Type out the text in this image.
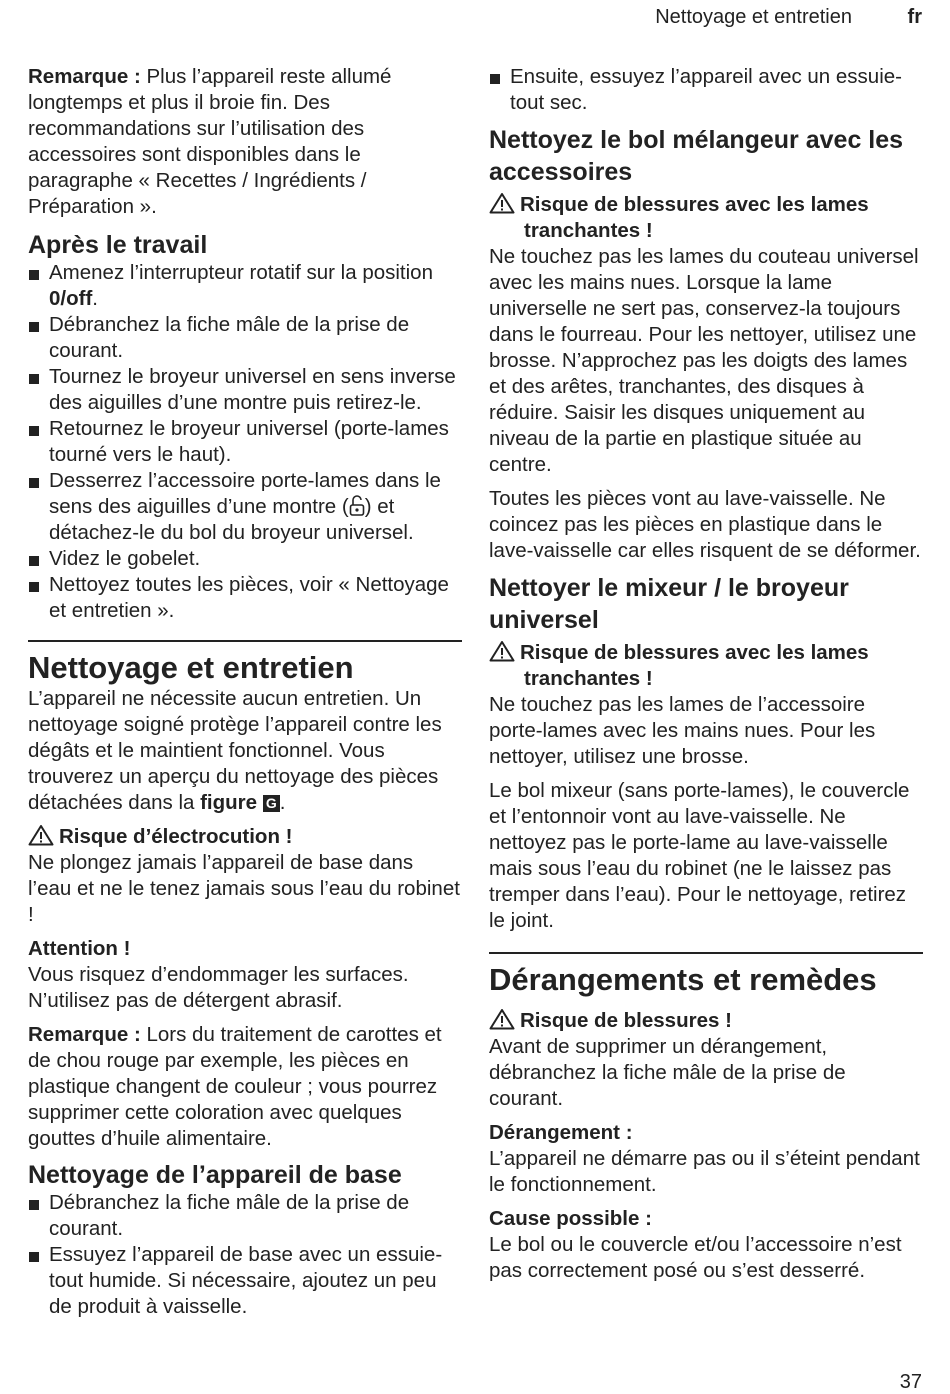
Nettoyage et entretien	fr

Remarque : Plus l’appareil reste allumé longtemps et plus il broie fin. Des recommandations sur l’utilisation des accessoires sont disponibles dans le paragraphe « Recettes / Ingrédients / Préparation ».

Après le travail
Amenez l’interrupteur rotatif sur la position 0/off.
Débranchez la fiche mâle de la prise de courant.
Tournez le broyeur universel en sens inverse des aiguilles d’une montre puis retirez-le.
Retournez le broyeur universel (porte-lames tourné vers le haut).
Desserrez l’accessoire porte-lames dans le sens des aiguilles d’une montre ( ) et détachez-le du bol du broyeur universel.
Videz le gobelet.
Nettoyez toutes les pièces, voir « Nettoyage et entretien ».
Nettoyage et entretien

L’appareil ne nécessite aucun entretien. Un nettoyage soigné protège l’appareil contre les dégâts et le maintient fonctionnel. Vous trouverez un aperçu du nettoyage des pièces détachées dans la figure G .

Risque d’électrocution !

Ne plongez jamais l’appareil de base dans l’eau et ne le tenez jamais sous l’eau du robinet !

Attention !

Vous risquez d’endommager les surfaces. N’utilisez pas de détergent abrasif.

Remarque : Lors du traitement de carottes et de chou rouge par exemple, les pièces en plastique changent de couleur ; vous pourrez supprimer cette coloration avec quelques gouttes d’huile alimentaire.

Nettoyage de l’appareil de base
Débranchez la fiche mâle de la prise de courant.
Essuyez l’appareil de base avec un essuie-tout humide. Si nécessaire, ajoutez un peu de produit à vaisselle.
Ensuite, essuyez l’appareil avec un essuie-tout sec.
Nettoyez le bol mélangeur avec les accessoires
Risque de blessures avec les lames tranchantes !

Ne touchez pas les lames du couteau universel avec les mains nues. Lorsque la lame universelle ne sert pas, conservez-la toujours dans le fourreau. Pour les nettoyer, utilisez une brosse. N’approchez pas les doigts des lames et des arêtes, tranchantes, des disques à réduire. Saisir les disques uniquement au niveau de la partie en plastique située au centre.

Toutes les pièces vont au lave-vaisselle. Ne coincez pas les pièces en plastique dans le lave-vaisselle car elles risquent de se déformer.

Nettoyer le mixeur / le broyeur universel
Risque de blessures avec les lames tranchantes !

Ne touchez pas les lames de l’accessoire porte-lames avec les mains nues. Pour les nettoyer, utilisez une brosse.

Le bol mixeur (sans porte-lames), le couvercle et l’entonnoir vont au lave-vaisselle. Ne nettoyez pas le porte-lame au lave-vaisselle mais sous l’eau du robinet (ne le laissez pas tremper dans l’eau). Pour le nettoyage, retirez le joint.

Dérangements et remèdes
Risque de blessures !

Avant de supprimer un dérangement, débranchez la fiche mâle de la prise de courant.

Dérangement :

L’appareil ne démarre pas ou il s’éteint pendant le fonctionnement.

Cause possible :

Le bol ou le couvercle et/ou l’accessoire n’est pas correctement posé ou s’est desserré.

37
